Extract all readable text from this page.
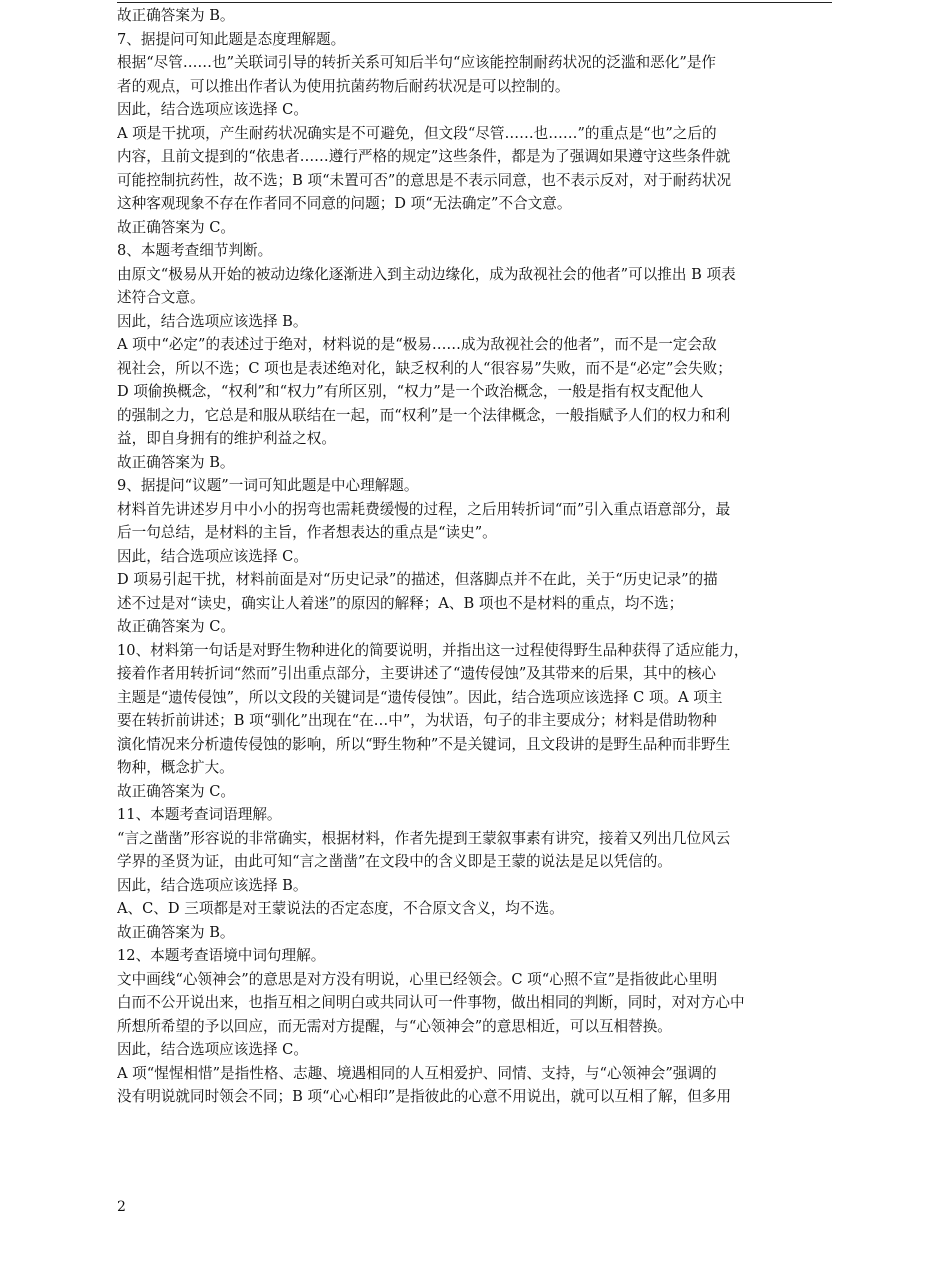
故正确答案为 B。
7、据提问可知此题是态度理解题。
根据“尽管……也”关联词引导的转折关系可知后半句“应该能控制耐药状况的泛滥和恶化”是作
者的观点，可以推出作者认为使用抗菌药物后耐药状况是可以控制的。
因此，结合选项应该选择 C。
A 项是干扰项，产生耐药状况确实是不可避免，但文段“尽管……也……”的重点是“也”之后的
内容，且前文提到的“依患者……遵行严格的规定”这些条件，都是为了强调如果遵守这些条件就
可能控制抗药性，故不选；B 项“未置可否”的意思是不表示同意，也不表示反对，对于耐药状况
这种客观现象不存在作者同不同意的问题；D 项“无法确定”不合文意。
故正确答案为 C。
8、本题考查细节判断。
由原文“极易从开始的被动边缘化逐渐进入到主动边缘化，成为敌视社会的他者”可以推出 B 项表
述符合文意。
因此，结合选项应该选择 B。
A 项中“必定”的表述过于绝对，材料说的是“极易……成为敌视社会的他者”，而不是一定会敌
视社会，所以不选；C 项也是表述绝对化，缺乏权利的人“很容易”失败，而不是“必定”会失败；
D 项偷换概念，“权利”和“权力”有所区别，“权力”是一个政治概念，一般是指有权支配他人
的强制之力，它总是和服从联结在一起，而“权利”是一个法律概念，一般指赋予人们的权力和利
益，即自身拥有的维护利益之权。
故正确答案为 B。
9、据提问“议题”一词可知此题是中心理解题。
材料首先讲述岁月中小小的拐弯也需耗费缓慢的过程，之后用转折词“而”引入重点语意部分，最
后一句总结，是材料的主旨，作者想表达的重点是“读史”。
因此，结合选项应该选择 C。
D 项易引起干扰，材料前面是对“历史记录”的描述，但落脚点并不在此，关于“历史记录”的描
述不过是对“读史，确实让人着迷”的原因的解释；A、B 项也不是材料的重点，均不选；
故正确答案为 C。
10、材料第一句话是对野生物种进化的简要说明，并指出这一过程使得野生品种获得了适应能力，
接着作者用转折词“然而”引出重点部分，主要讲述了“遗传侵蚀”及其带来的后果，其中的核心
主题是“遗传侵蚀”，所以文段的关键词是“遗传侵蚀”。因此，结合选项应该选择 C 项。A 项主
要在转折前讲述；B 项“驯化”出现在“在…中”，为状语，句子的非主要成分；材料是借助物种
演化情况来分析遗传侵蚀的影响，所以“野生物种”不是关键词，且文段讲的是野生品种而非野生
物种，概念扩大。
故正确答案为 C。
11、本题考查词语理解。
“言之凿凿”形容说的非常确实，根据材料，作者先提到王蒙叙事素有讲究，接着又列出几位风云
学界的圣贤为证，由此可知“言之凿凿”在文段中的含义即是王蒙的说法是足以凭信的。
因此，结合选项应该选择 B。
A、C、D 三项都是对王蒙说法的否定态度，不合原文含义，均不选。
故正确答案为 B。
12、本题考查语境中词句理解。
文中画线“心领神会”的意思是对方没有明说，心里已经领会。C 项“心照不宣”是指彼此心里明
白而不公开说出来，也指互相之间明白或共同认可一件事物，做出相同的判断，同时，对对方心中
所想所希望的予以回应，而无需对方提醒，与“心领神会”的意思相近，可以互相替换。
因此，结合选项应该选择 C。
A 项“惺惺相惜”是指性格、志趣、境遇相同的人互相爱护、同情、支持，与“心领神会”强调的
没有明说就同时领会不同；B 项“心心相印”是指彼此的心意不用说出，就可以互相了解，但多用
2
